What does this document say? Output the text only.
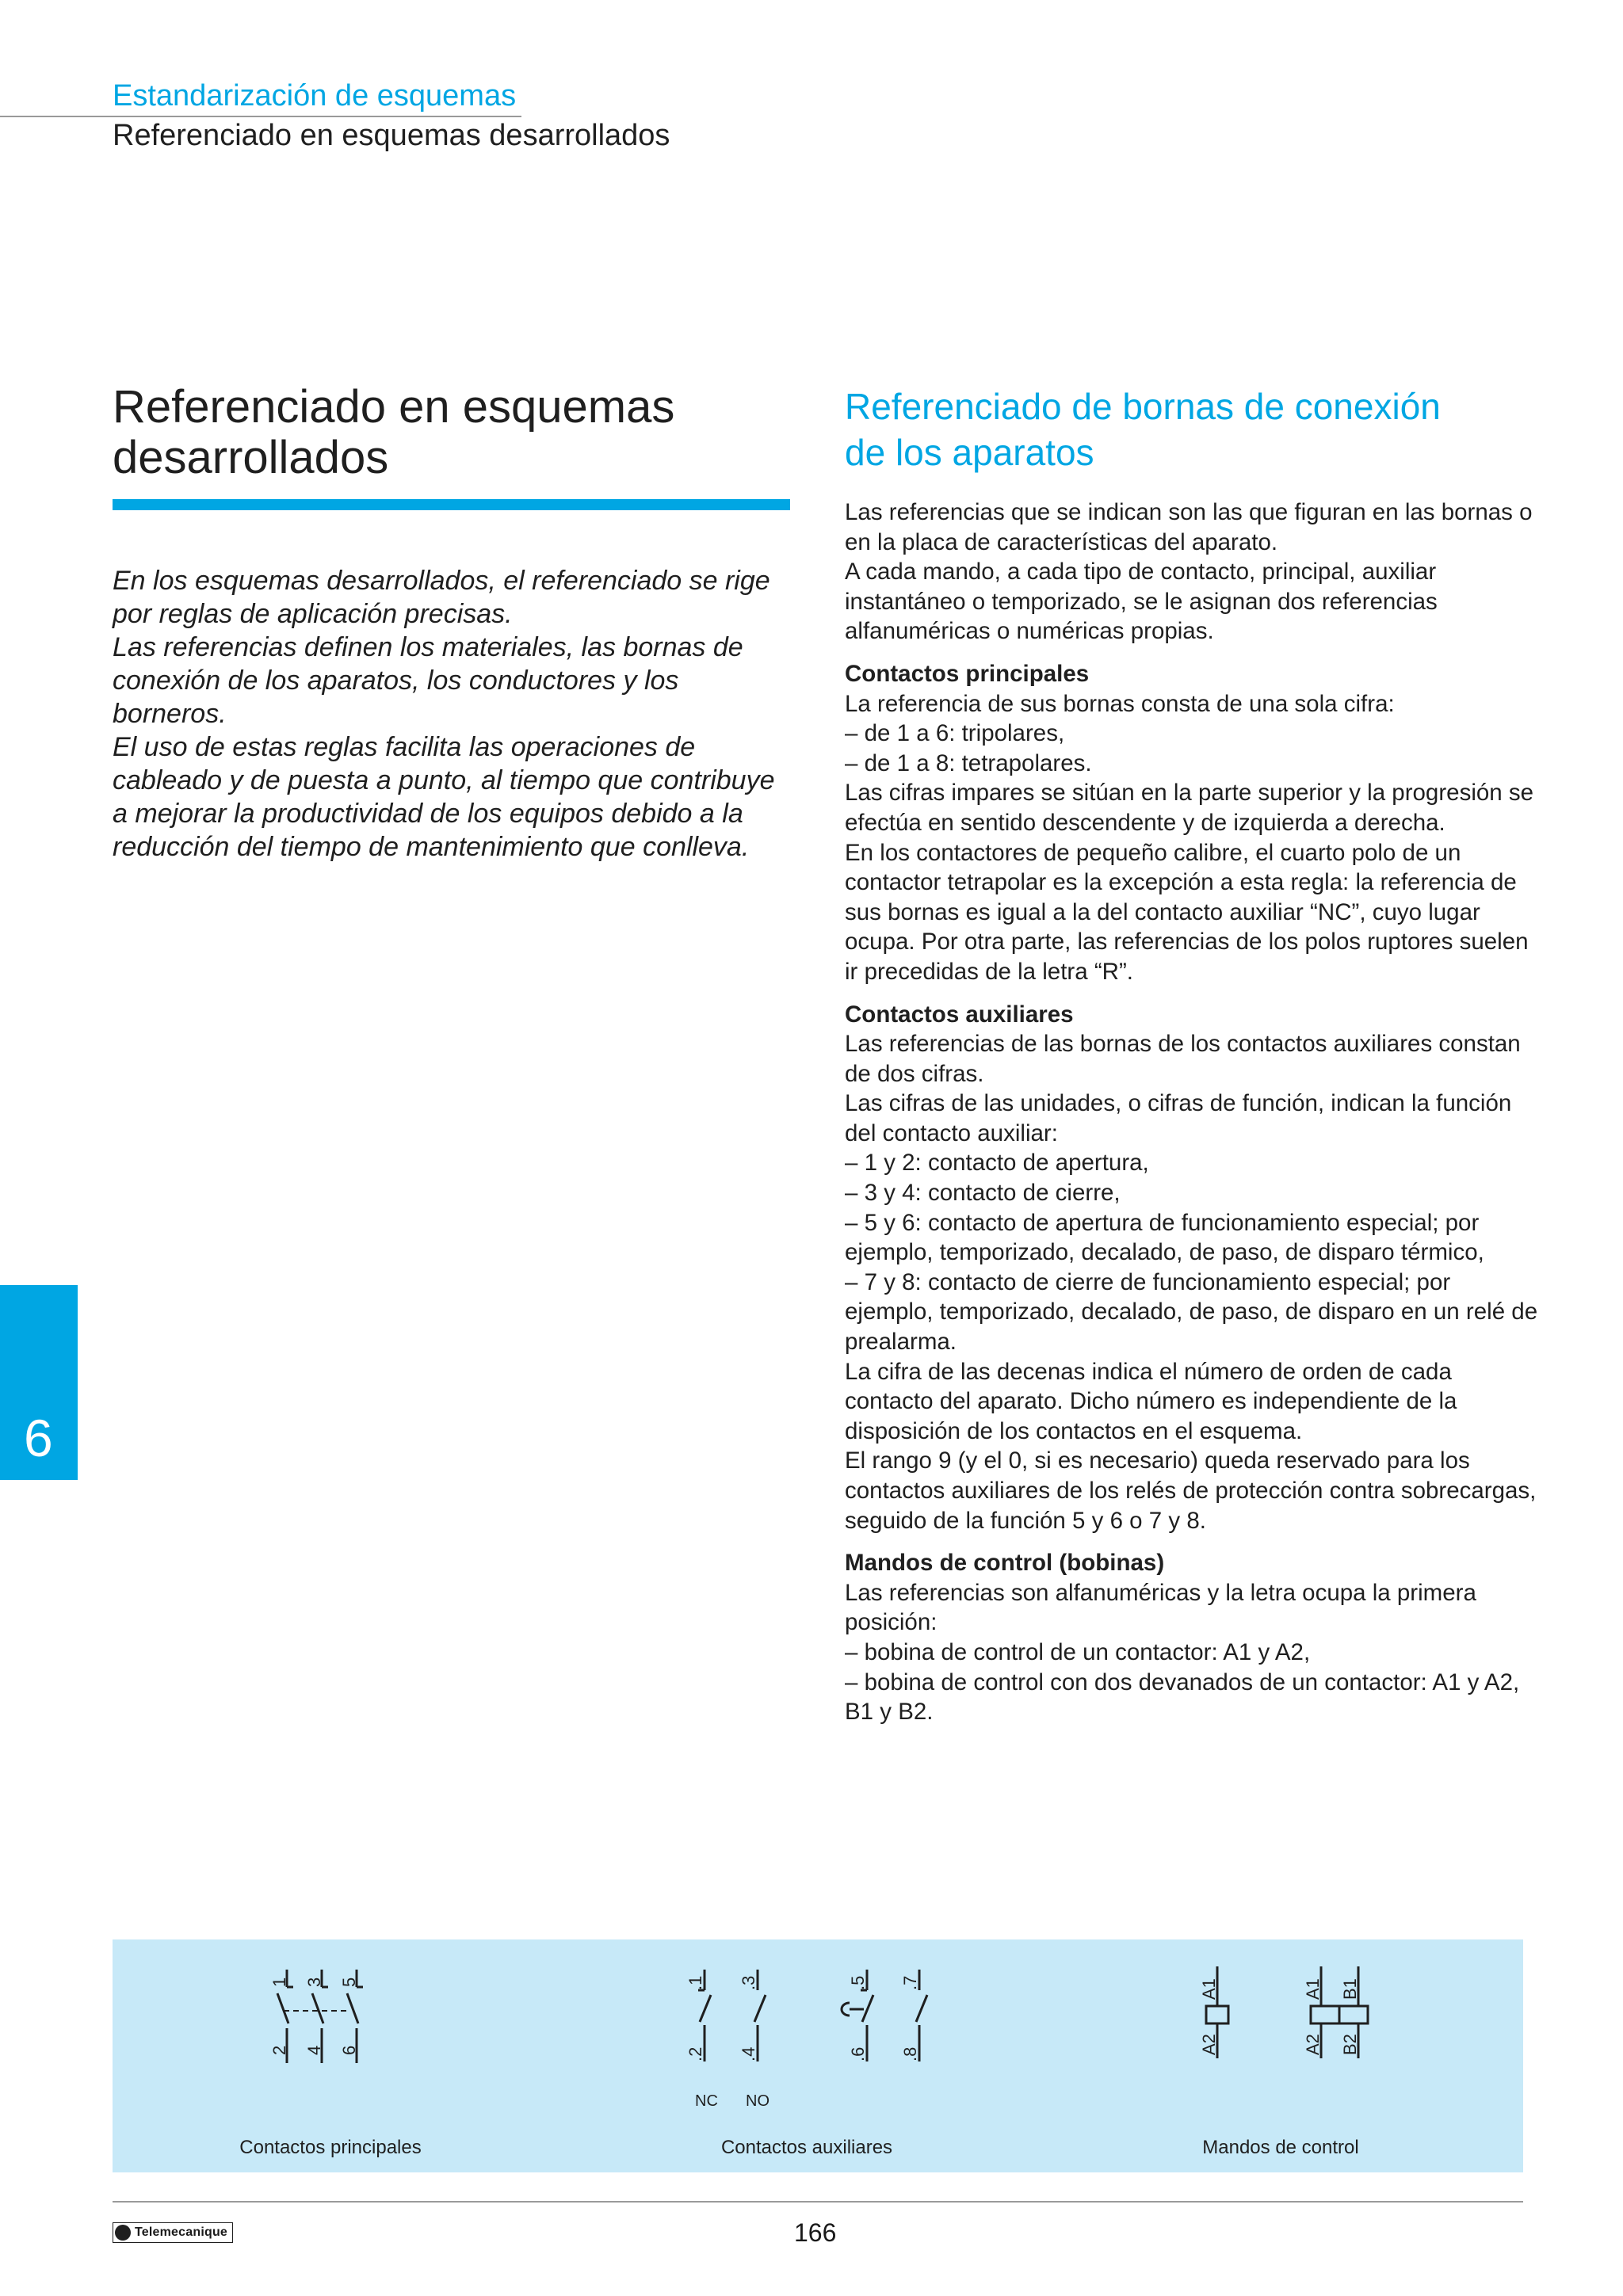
Estandarización de esquemas
Referenciado en esquemas desarrollados
Referenciado en esquemas
desarrollados

En los esquemas desarrollados, el referenciado se rige por reglas de aplicación precisas.

Las referencias definen los materiales, las bornas de conexión de los aparatos, los conductores y los borneros.

El uso de estas reglas facilita las operaciones de cableado y de puesta a punto, al tiempo que contribuye a mejorar la productividad de los equipos debido a la reducción del tiempo de mantenimiento que conlleva.

Referenciado de bornas de conexión
de los aparatos

Las referencias que se indican son las que figuran en las bornas o en la placa de características del aparato.

A cada mando, a cada tipo de contacto, principal, auxiliar instantáneo o temporizado, se le asignan dos referencias alfanuméricas o numéricas propias.

Contactos principales

La referencia de sus bornas consta de una sola cifra:

– de 1 a 6: tripolares,

– de 1 a 8: tetrapolares.

Las cifras impares se sitúan en la parte superior y la progresión se efectúa en sentido descendente y de izquierda a derecha.

En los contactores de pequeño calibre, el cuarto polo de un contactor tetrapolar es la excepción a esta regla: la referencia de sus bornas es igual a la del contacto auxiliar “NC”, cuyo lugar ocupa. Por otra parte, las referencias de los polos ruptores suelen ir precedidas de la letra “R”.

Contactos auxiliares

Las referencias de las bornas de los contactos auxiliares constan de dos cifras.

Las cifras de las unidades, o cifras de función, indican la función del contacto auxiliar:

– 1 y 2: contacto de apertura,

– 3 y 4: contacto de cierre,

– 5 y 6: contacto de apertura de funcionamiento especial; por ejemplo, temporizado, decalado, de paso, de disparo térmico,

– 7 y 8: contacto de cierre de funcionamiento especial; por ejemplo, temporizado, decalado, de paso, de disparo en un relé de prealarma.

La cifra de las decenas indica el número de orden de cada contacto del aparato. Dicho número es independiente de la disposición de los contactos en el esquema.

El rango 9 (y el 0, si es necesario) queda reservado para los contactos auxiliares de los relés de protección contra sobrecargas, seguido de la función 5 y 6 o 7 y 8.

Mandos de control (bobinas)

Las referencias son alfanuméricas y la letra ocupa la primera posición:

– bobina de control de un contactor: A1 y A2,

– bobina de control con dos devanados de un contactor: A1 y A2, B1 y B2.

6
1 3 5
2 4 6
Contactos principales
.1 .3	.5 .7
.2 .4	.6 .8
NC NO
Contactos auxiliares
A1
A2
A1
A2
B1
B2
Mandos de control
Telemecanique	166
